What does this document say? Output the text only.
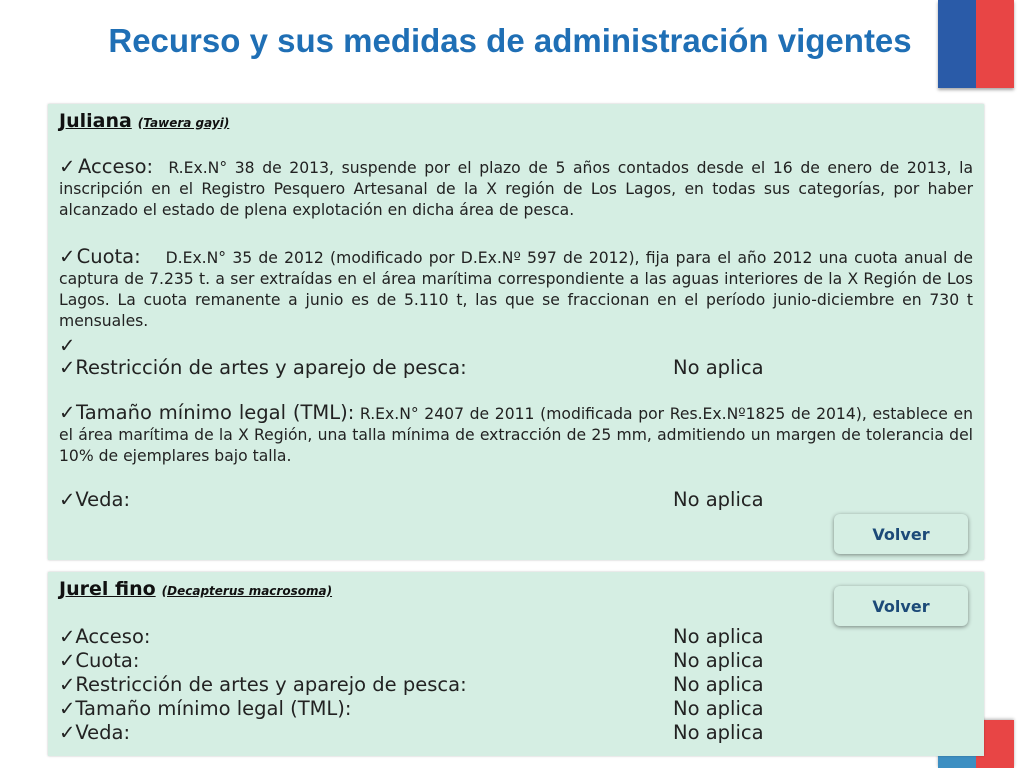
Recurso y sus medidas de administración vigentes
Juliana (Tawera gayi)
✓Acceso: R.Ex.N° 38 de 2013, suspende por el plazo de 5 años contados desde el 16 de enero de 2013, la inscripción en el Registro Pesquero Artesanal de la X región de Los Lagos, en todas sus categorías, por haber alcanzado el estado de plena explotación en dicha área de pesca.
✓Cuota: D.Ex.N° 35 de 2012 (modificado por D.Ex.Nº 597 de 2012), fija para el año 2012 una cuota anual de captura de 7.235 t. a ser extraídas en el área marítima correspondiente a las aguas interiores de la X Región de Los Lagos. La cuota remanente a junio es de 5.110 t, las que se fraccionan en el período junio-diciembre en 730 t mensuales.
✓
✓Restricción de artes y aparejo de pesca:	No aplica
✓Tamaño mínimo legal (TML): R.Ex.N° 2407 de 2011 (modificada por Res.Ex.Nº1825 de 2014), establece en el área marítima de la X Región, una talla mínima de extracción de 25 mm, admitiendo un margen de tolerancia del 10% de ejemplares bajo talla.
✓Veda:	No aplica
Volver
Jurel fino (Decapterus macrosoma)
✓Acceso:	No aplica
✓Cuota:	No aplica
✓Restricción de artes y aparejo de pesca:	No aplica
✓Tamaño mínimo legal (TML):	No aplica
✓Veda:	No aplica
Volver
